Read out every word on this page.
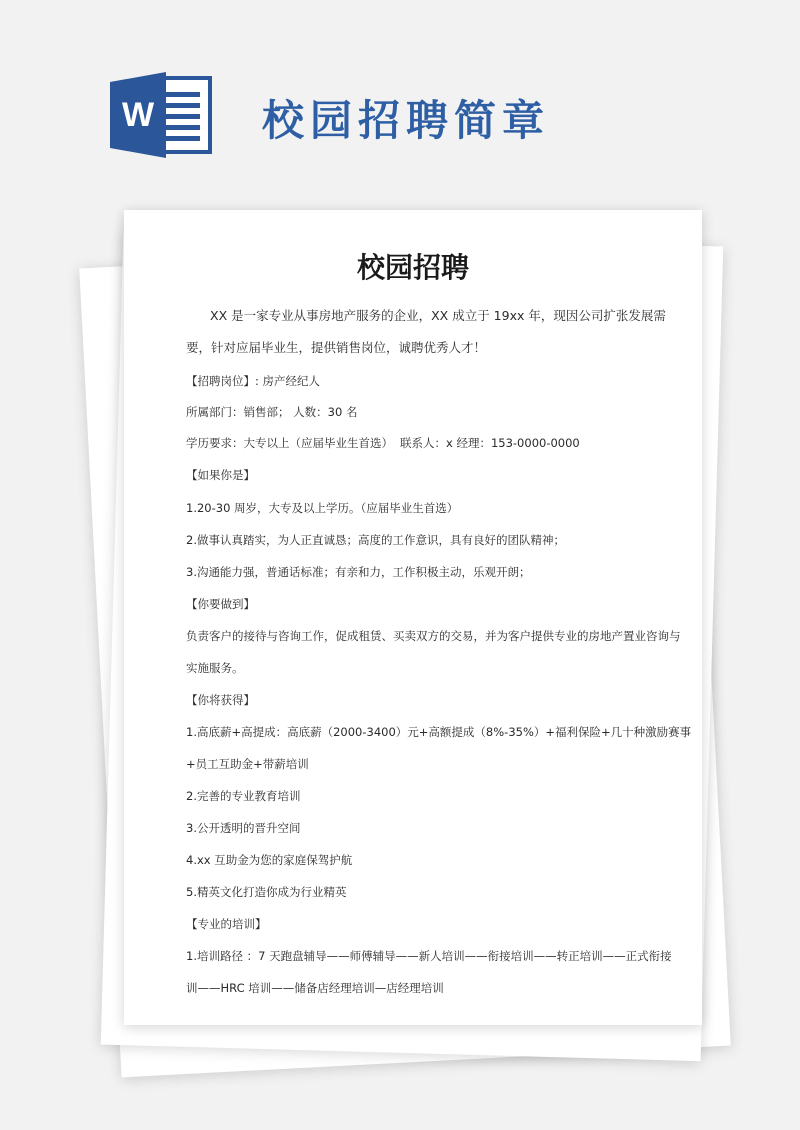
W	校园招聘简章
校园招聘
XX 是一家专业从事房地产服务的企业，XX 成立于 19xx 年，现因公司扩张发展需
要，针对应届毕业生，提供销售岗位，诚聘优秀人才！
【招聘岗位】: 房产经纪人
所属部门：销售部； 人数：30 名
学历要求：大专以上（应届毕业生首选） 联系人：x 经理：153-0000-0000
【如果你是】
1.20-30 周岁，大专及以上学历。（应届毕业生首选）
2.做事认真踏实，为人正直诚恳；高度的工作意识，具有良好的团队精神；
3.沟通能力强，普通话标准；有亲和力，工作积极主动，乐观开朗；
【你要做到】
负责客户的接待与咨询工作，促成租赁、买卖双方的交易，并为客户提供专业的房地产置业咨询与
实施服务。
【你将获得】
1.高底薪+高提成：高底薪（2000-3400）元+高额提成（8%-35%）+福利保险+几十种激励赛事
+员工互助金+带薪培训
2.完善的专业教育培训
3.公开透明的晋升空间
4.xx 互助金为您的家庭保驾护航
5.精英文化打造你成为行业精英
【专业的培训】
1.培训路径 ：7 天跑盘辅导——师傅辅导——新人培训——衔接培训——转正培训——正式衔接
训——HRC 培训——储备店经理培训—店经理培训
